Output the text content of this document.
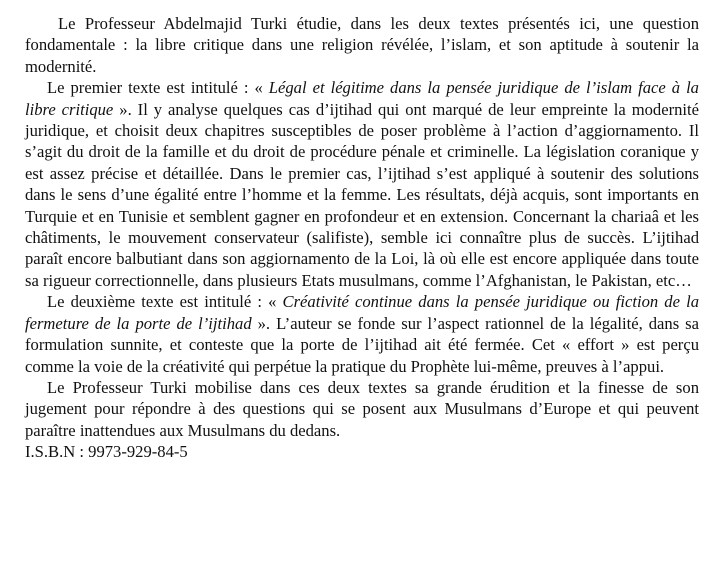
Le Professeur Abdelmajid Turki étudie, dans les deux textes présentés ici, une question fondamentale : la libre critique dans une religion révélée, l’islam, et son aptitude à soutenir la modernité.

Le premier texte est intitulé : « Légal et légitime dans la pensée juridique de l’islam face à la libre critique ». Il y analyse quelques cas d’ijtihad qui ont marqué de leur empreinte la modernité juridique, et choisit deux chapitres susceptibles de poser problème à l’action d’aggiornamento. Il s’agit du droit de la famille et du droit de procédure pénale et criminelle. La législation coranique y est assez précise et détaillée. Dans le premier cas, l’ijtihad s’est appliqué à soutenir des solutions dans le sens d’une égalité entre l’homme et la femme. Les résultats, déjà acquis, sont importants en Turquie et en Tunisie et semblent gagner en profondeur et en extension. Concernant la chariaâ et les châtiments, le mouvement conservateur (salifiste), semble ici connaître plus de succès. L’ijtihad paraît encore balbutiant dans son aggiornamento de la Loi, là où elle est encore appliquée dans toute sa rigueur correctionnelle, dans plusieurs Etats musulmans, comme l’Afghanistan, le Pakistan, etc…

Le deuxième texte est intitulé : « Créativité continue dans la pensée juridique ou fiction de la fermeture de la porte de l’ijtihad ». L’auteur se fonde sur l’aspect rationnel de la légalité, dans sa formulation sunnite, et conteste que la porte de l’ijtihad ait été fermée. Cet « effort » est perçu comme la voie de la créativité qui perpétue la pratique du Prophète lui-même, preuves à l’appui.

Le Professeur Turki mobilise dans ces deux textes sa grande érudition et la finesse de son jugement pour répondre à des questions qui se posent aux Musulmans d’Europe et qui peuvent paraître inattendues aux Musulmans du dedans.

I.S.B.N : 9973-929-84-5
